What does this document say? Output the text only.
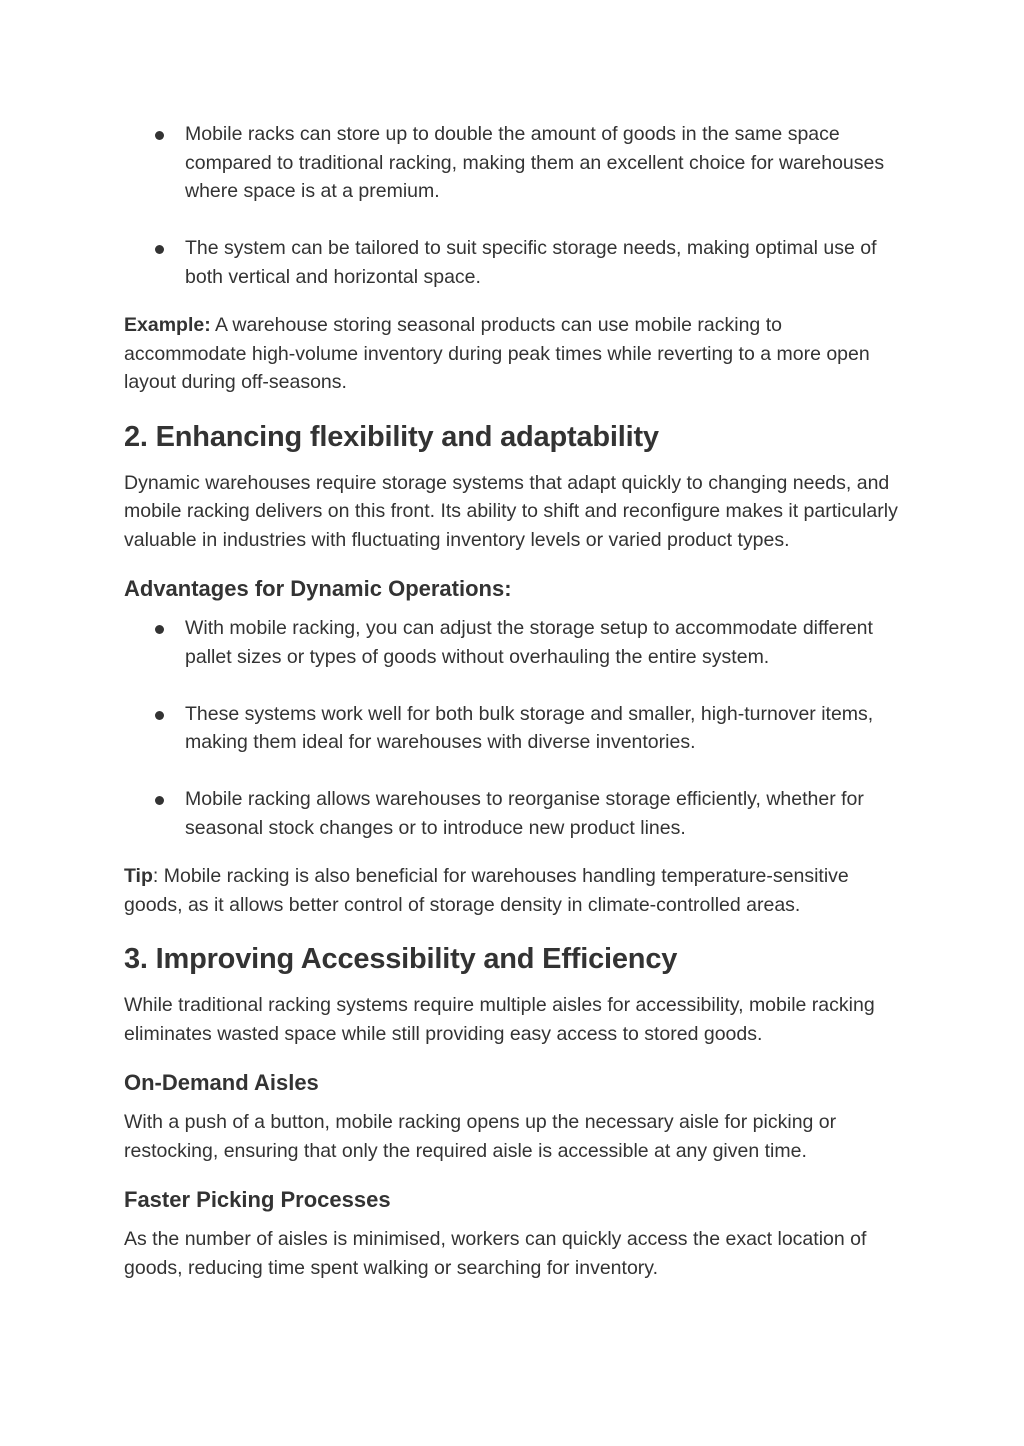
Mobile racks can store up to double the amount of goods in the same space compared to traditional racking, making them an excellent choice for warehouses where space is at a premium.
The system can be tailored to suit specific storage needs, making optimal use of both vertical and horizontal space.

Example: A warehouse storing seasonal products can use mobile racking to accommodate high-volume inventory during peak times while reverting to a more open layout during off-seasons.

2. Enhancing flexibility and adaptability

Dynamic warehouses require storage systems that adapt quickly to changing needs, and mobile racking delivers on this front. Its ability to shift and reconfigure makes it particularly valuable in industries with fluctuating inventory levels or varied product types.

Advantages for Dynamic Operations:
With mobile racking, you can adjust the storage setup to accommodate different pallet sizes or types of goods without overhauling the entire system.
These systems work well for both bulk storage and smaller, high-turnover items, making them ideal for warehouses with diverse inventories.
Mobile racking allows warehouses to reorganise storage efficiently, whether for seasonal stock changes or to introduce new product lines.

Tip: Mobile racking is also beneficial for warehouses handling temperature-sensitive goods, as it allows better control of storage density in climate-controlled areas.

3. Improving Accessibility and Efficiency

While traditional racking systems require multiple aisles for accessibility, mobile racking eliminates wasted space while still providing easy access to stored goods.

On-Demand Aisles

With a push of a button, mobile racking opens up the necessary aisle for picking or restocking, ensuring that only the required aisle is accessible at any given time.

Faster Picking Processes

As the number of aisles is minimised, workers can quickly access the exact location of goods, reducing time spent walking or searching for inventory.
